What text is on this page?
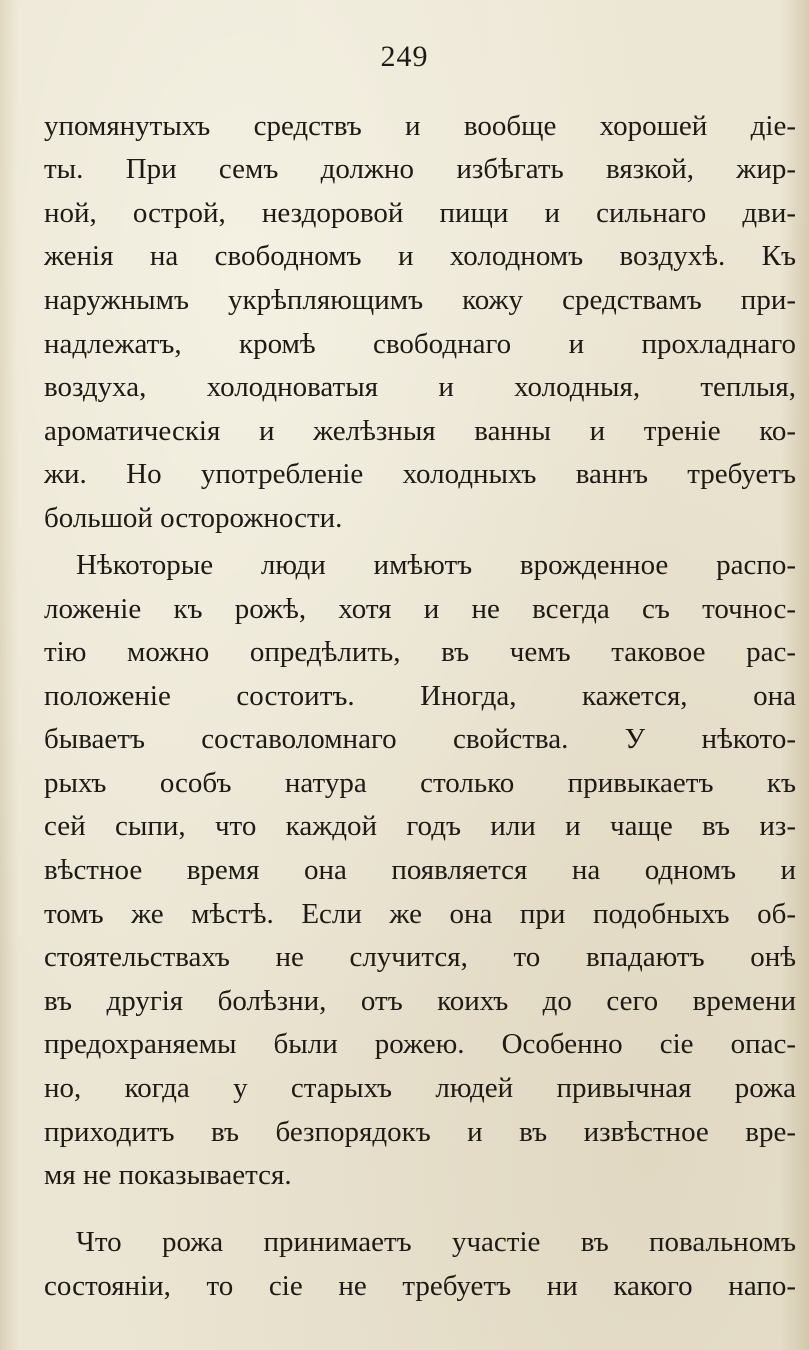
249
упомянутыхъ средствъ и вообще хорошей дiе-
ты. При семъ должно избѣгать вязкой, жир-
ной, острой, нездоровой пищи и сильнаго дви-
женiя на свободномъ и холодномъ воздухѣ. Къ
наружнымъ укрѣпляющимъ кожу средствамъ при-
надлежатъ, кромѣ свободнаго и прохладнаго
воздуха, холодноватыя и холодныя, теплыя,
ароматическiя и желѣзныя ванны и тренiе ко-
жи. Но употребленiе холодныхъ ваннъ требуетъ
большой осторожности.
Нѣкоторые люди имѣютъ врожденное распо-
ложенiе къ рожѣ, хотя и не всегда съ точнос-
тiю можно опредѣлить, въ чемъ таковое рас-
положенiе состоитъ. Иногда, кажется, она
бываетъ составоломнаго свойства. У нѣкото-
рыхъ особъ натура столько привыкаетъ къ
сей сыпи, что каждой годъ или и чаще въ из-
вѣстное время она появляется на одномъ и
томъ же мѣстѣ. Если же она при подобныхъ об-
стоятельствахъ не случится, то впадаютъ онѣ
въ другiя болѣзни, отъ коихъ до сего времени
предохраняемы были рожею. Особенно сiе опас-
но, когда у старыхъ людей привычная рожа
приходитъ въ безпорядокъ и въ извѣстное вре-
мя не показывается.
Что рожа принимаетъ участiе въ повальномъ
состоянiи, то сiе не требуетъ ни какого напо-
